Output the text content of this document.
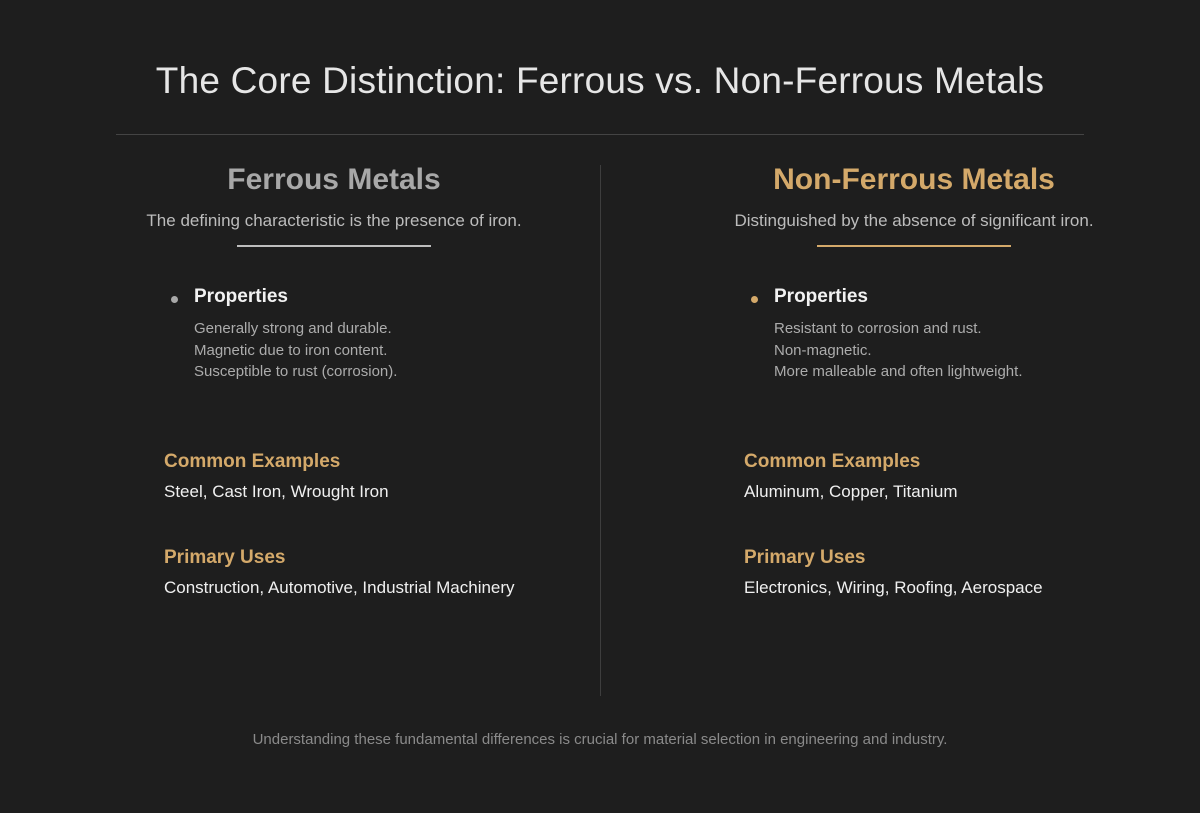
The Core Distinction: Ferrous vs. Non-Ferrous Metals
Ferrous Metals
The defining characteristic is the presence of iron.
Properties
Generally strong and durable.
Magnetic due to iron content.
Susceptible to rust (corrosion).
Common Examples
Steel, Cast Iron, Wrought Iron
Primary Uses
Construction, Automotive, Industrial Machinery
Non-Ferrous Metals
Distinguished by the absence of significant iron.
Properties
Resistant to corrosion and rust.
Non-magnetic.
More malleable and often lightweight.
Common Examples
Aluminum, Copper, Titanium
Primary Uses
Electronics, Wiring, Roofing, Aerospace
Understanding these fundamental differences is crucial for material selection in engineering and industry.
